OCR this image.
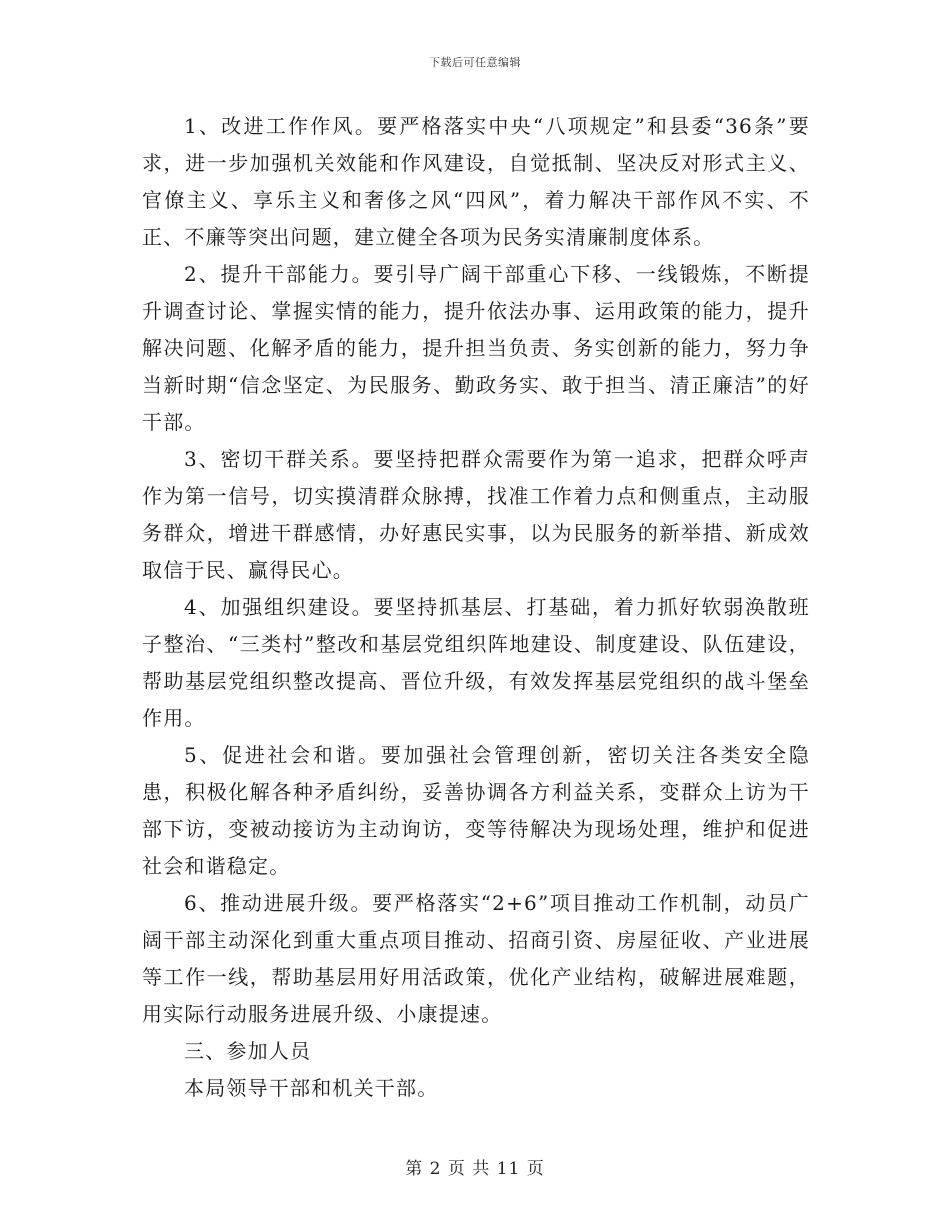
下载后可任意编辑

1、改进工作作风。要严格落实中央“八项规定”和县委“36条”要求，进一步加强机关效能和作风建设，自觉抵制、坚决反对形式主义、官僚主义、享乐主义和奢侈之风“四风”，着力解决干部作风不实、不正、不廉等突出问题，建立健全各项为民务实清廉制度体系。

2、提升干部能力。要引导广阔干部重心下移、一线锻炼，不断提升调查讨论、掌握实情的能力，提升依法办事、运用政策的能力，提升解决问题、化解矛盾的能力，提升担当负责、务实创新的能力，努力争当新时期“信念坚定、为民服务、勤政务实、敢于担当、清正廉洁”的好干部。

3、密切干群关系。要坚持把群众需要作为第一追求，把群众呼声作为第一信号，切实摸清群众脉搏，找准工作着力点和侧重点，主动服务群众，增进干群感情，办好惠民实事，以为民服务的新举措、新成效取信于民、赢得民心。

4、加强组织建设。要坚持抓基层、打基础，着力抓好软弱涣散班子整治、“三类村”整改和基层党组织阵地建设、制度建设、队伍建设，帮助基层党组织整改提高、晋位升级，有效发挥基层党组织的战斗堡垒作用。

5、促进社会和谐。要加强社会管理创新，密切关注各类安全隐患，积极化解各种矛盾纠纷，妥善协调各方利益关系，变群众上访为干部下访，变被动接访为主动询访，变等待解决为现场处理，维护和促进社会和谐稳定。

6、推动进展升级。要严格落实“2+6”项目推动工作机制，动员广阔干部主动深化到重大重点项目推动、招商引资、房屋征收、产业进展等工作一线，帮助基层用好用活政策，优化产业结构，破解进展难题，用实际行动服务进展升级、小康提速。

三、参加人员

本局领导干部和机关干部。

第 2 页 共 11 页
